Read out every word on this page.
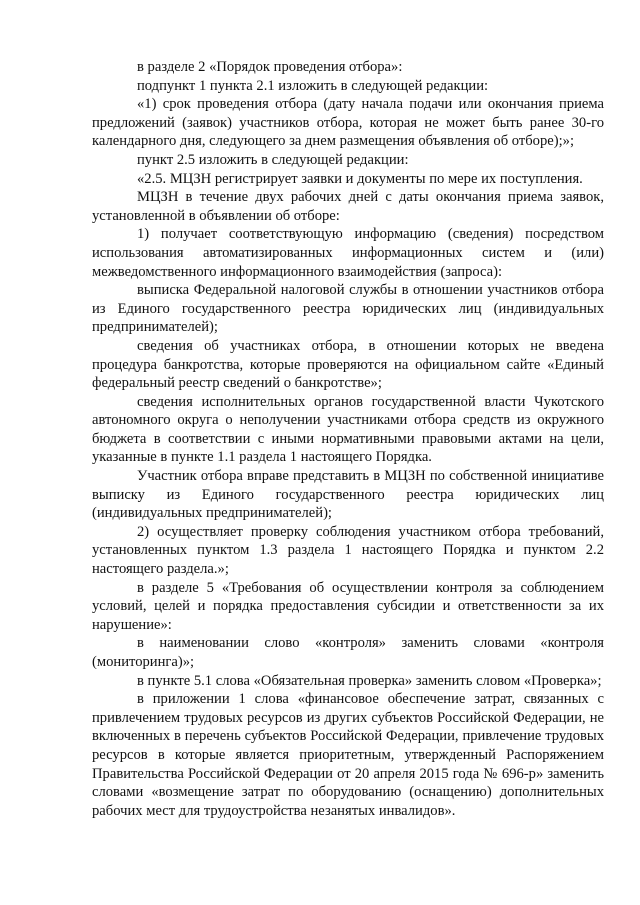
в разделе 2 «Порядок проведения отбора»:

подпункт 1 пункта 2.1 изложить в следующей редакции:

«1) срок проведения отбора (дату начала подачи или окончания приема предложений (заявок) участников отбора, которая не может быть ранее 30-го календарного дня, следующего за днем размещения объявления об отборе);»;

пункт 2.5 изложить в следующей редакции:

«2.5. МЦЗН регистрирует заявки и документы по мере их поступления.

МЦЗН в течение двух рабочих дней с даты окончания приема заявок, установленной в объявлении об отборе:

1) получает соответствующую информацию (сведения) посредством использования автоматизированных информационных систем и (или) межведомственного информационного взаимодействия (запроса):

выписка Федеральной налоговой службы в отношении участников отбора из Единого государственного реестра юридических лиц (индивидуальных предпринимателей);

сведения об участниках отбора, в отношении которых не введена процедура банкротства, которые проверяются на официальном сайте «Единый федеральный реестр сведений о банкротстве»;

сведения исполнительных органов государственной власти Чукотского автономного округа о неполучении участниками отбора средств из окружного бюджета в соответствии с иными нормативными правовыми актами на цели, указанные в пункте 1.1 раздела 1 настоящего Порядка.

Участник отбора вправе представить в МЦЗН по собственной инициативе выписку из Единого государственного реестра юридических лиц (индивидуальных предпринимателей);

2) осуществляет проверку соблюдения участником отбора требований, установленных пунктом 1.3 раздела 1 настоящего Порядка и пунктом 2.2 настоящего раздела.»;

в разделе 5 «Требования об осуществлении контроля за соблюдением условий, целей и порядка предоставления субсидии и ответственности за их нарушение»:

в наименовании слово «контроля» заменить словами «контроля (мониторинга)»;

в пункте 5.1 слова «Обязательная проверка» заменить словом «Проверка»;

в приложении 1 слова «финансовое обеспечение затрат, связанных с привлечением трудовых ресурсов из других субъектов Российской Федерации, не включенных в перечень субъектов Российской Федерации, привлечение трудовых ресурсов в которые является приоритетным, утвержденный Распоряжением Правительства Российской Федерации от 20 апреля 2015 года № 696-р» заменить словами «возмещение затрат по оборудованию (оснащению) дополнительных рабочих мест для трудоустройства незанятых инвалидов».
